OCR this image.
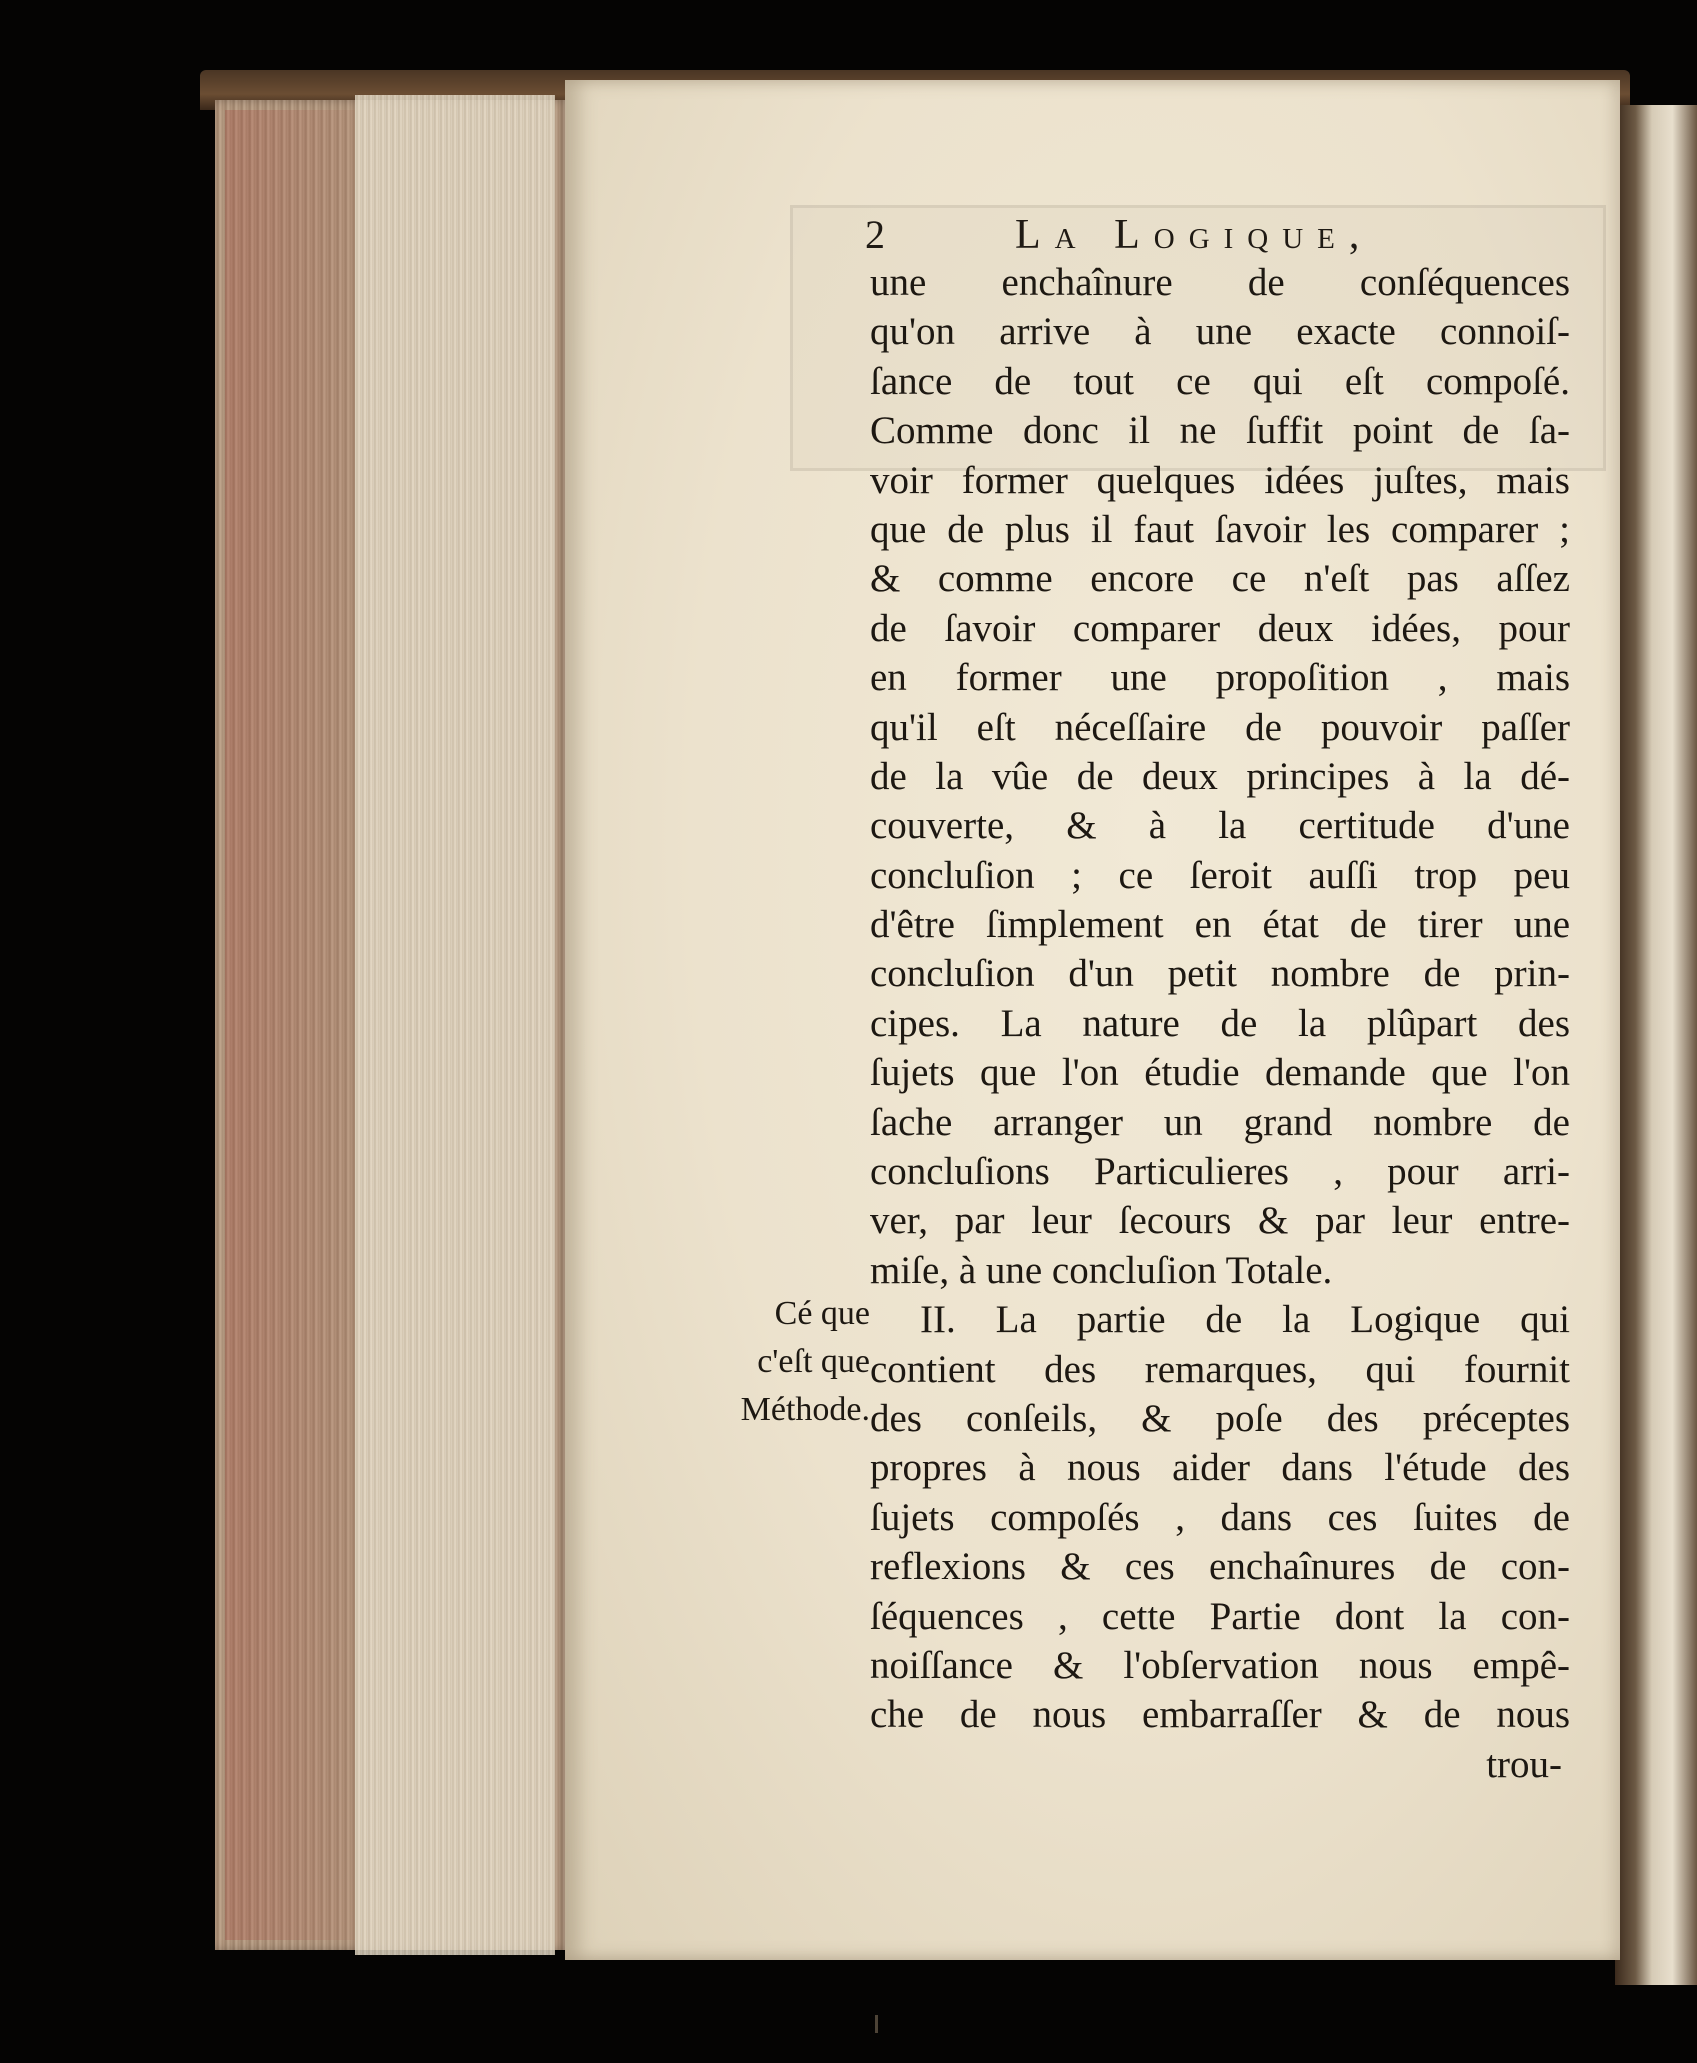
2	La Logique,
une enchaînure de conſéquences
qu'on arrive à une exacte connoiſ-
ſance de tout ce qui eſt compoſé.
Comme donc il ne ſuffit point de ſa-
voir former quelques idées juſtes, mais
que de plus il faut ſavoir les comparer ;
& comme encore ce n'eſt pas aſſez
de ſavoir comparer deux idées, pour
en former une propoſition , mais
qu'il eſt néceſſaire de pouvoir paſſer
de la vûe de deux principes à la dé-
couverte, & à la certitude d'une
concluſion ; ce ſeroit auſſi trop peu
d'être ſimplement en état de tirer une
concluſion d'un petit nombre de prin-
cipes. La nature de la plûpart des
ſujets que l'on étudie demande que l'on
ſache arranger un grand nombre de
concluſions Particulieres , pour arri-
ver, par leur ſecours & par leur entre-
miſe, à une concluſion Totale.
II. La partie de la Logique qui
contient des remarques, qui fournit
des conſeils, & poſe des préceptes
propres à nous aider dans l'étude des
ſujets compoſés , dans ces ſuites de
reflexions & ces enchaînures de con-
ſéquences , cette Partie dont la con-
noiſſance & l'obſervation nous empê-
che de nous embarraſſer & de nous
trou-
Cé que
c'eſt que
Méthode.
